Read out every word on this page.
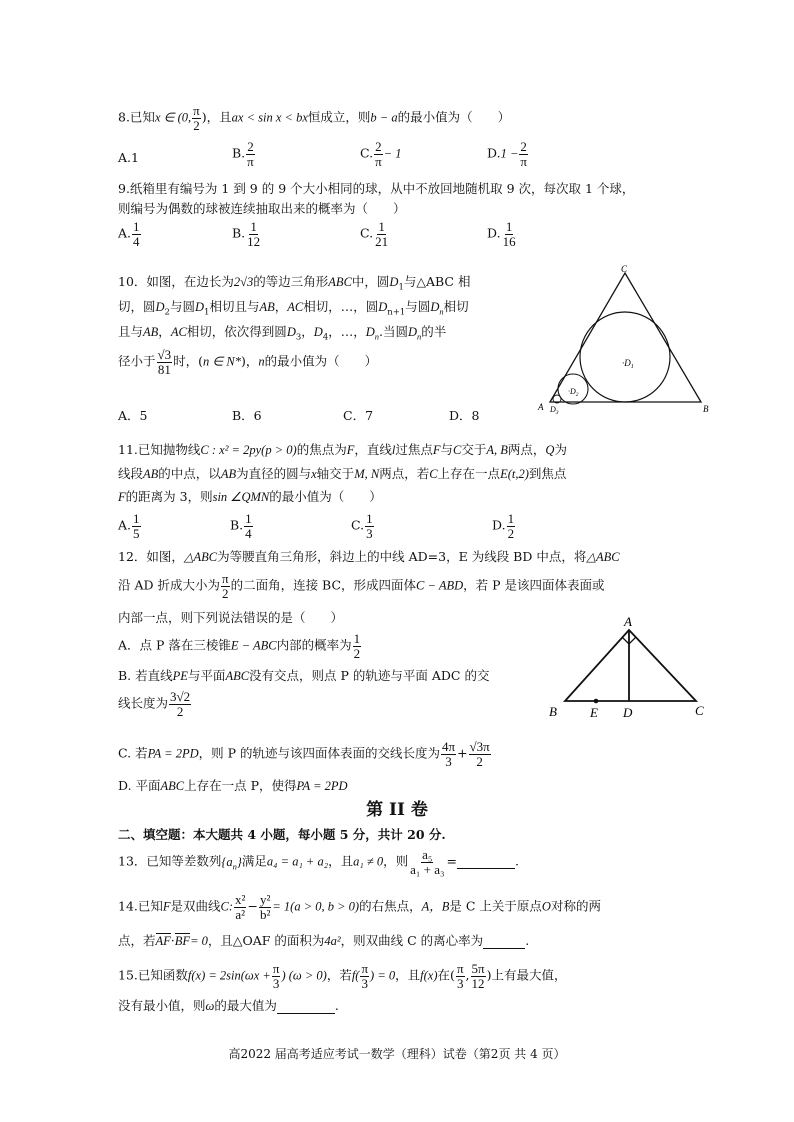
8.已知x ∈ (0, $\frac{\pi}{2}$ )，且ax < sin x < bx恒成立，则b − a的最小值为（　　）
A.1	B. $\frac{2}{\pi}$	C. $\frac{2}{\pi} - 1$	$D.1 - \frac{2}{\pi}$
9.纸箱里有编号为 1 到 9 的 9 个大小相同的球，从中不放回地随机取 9 次，每次取 1 个球，
则编号为偶数的球被连续抽取出来的概率为（　　）
A. $\frac{1}{4}$	B. $\frac{1}{12}$	C. $\frac{1}{21}$	D. $\frac{1}{16}$
10．如图，在边长为2√3的等边三角形ABC中，圆$D_1$与△ABC 相
切，圆$D_2$与圆$D_1$相切且与AB，AC相切，…，圆$D_{n+1}$与圆$D_n$相切
且与AB，AC相切，依次得到圆$D_3$，$D_4$，…，$D_n$.当圆$D_n$的半
径小于 $\frac{√3}{81}$ 时，(n ∈ N*)，n的最小值为（　　）
A．5	B．6	C．7	D．8
C
A	B
$\cdot D_1$
$\cdot D_2$
$D_3$
11.已知抛物线C : x² = 2py(p > 0)的焦点为F，直线l过焦点F与C交于A, B两点，Q为
线段AB的中点，以AB为直径的圆与x轴交于M, N两点，若C上存在一点E(t,2)到焦点
F的距离为 3，则sin ∠QMN的最小值为（　　）
A. $\frac{1}{5}$	B. $\frac{1}{4}$	C. $\frac{1}{3}$	D. $\frac{1}{2}$
12．如图，△ABC为等腰直角三角形，斜边上的中线 AD=3，E 为线段 BD 中点，将△ABC
沿 AD 折成大小为 $\frac{\pi}{2}$ 的二面角，连接 BC，形成四面体C − ABD，若 P 是该四面体表面或
内部一点，则下列说法错误的是（　　）
A．点 P 落在三棱锥E − ABC内部的概率为 $\frac{1}{2}$
B. 若直线PE与平面ABC没有交点，则点 P 的轨迹与平面 ADC 的交
线长度为 $\frac{3√2}{2}$
C. 若PA = 2PD，则 P 的轨迹与该四面体表面的交线长度为 $\frac{4\pi}{3} + \frac{√3\pi}{2}$
D. 平面ABC上存在一点 P，使得PA = 2PD
A
B	E D	C
第 II 卷
二、填空题：本大题共 4 小题，每小题 5 分，共计 20 分.
13．已知等差数列$\{a_n\}$满足a₄ = a₁ + a₂，且a₁ ≠ 0，则 $\frac{\text{a₅}}{\text{a₁ + a₃}}$ =	.
14.已知F是双曲线C: $\frac{\text{x²}}{\text{a²}} - \frac{\text{y²}}{\text{b²}} = 1(a > 0$, b > 0)的右焦点，A，B是 C 上关于原点O对称的两
点，若AF·BF= 0，且△OAF 的面积为4a²，则双曲线 C 的离心率为	.
15.已知函数$f(x) = 2\sin(\omega x + \frac{\pi}{3}$ ) (ω > 0)，若$f( \frac{\pi}{3}$ ) = 0，且f(x)在( $\frac{\pi}{3}$ , $\frac{5\pi}{12}$ )上有最大值，
没有最小值，则ω的最大值为	.
高2022 届高考适应考试一数学（理科）试卷（第2页 共 4 页）
